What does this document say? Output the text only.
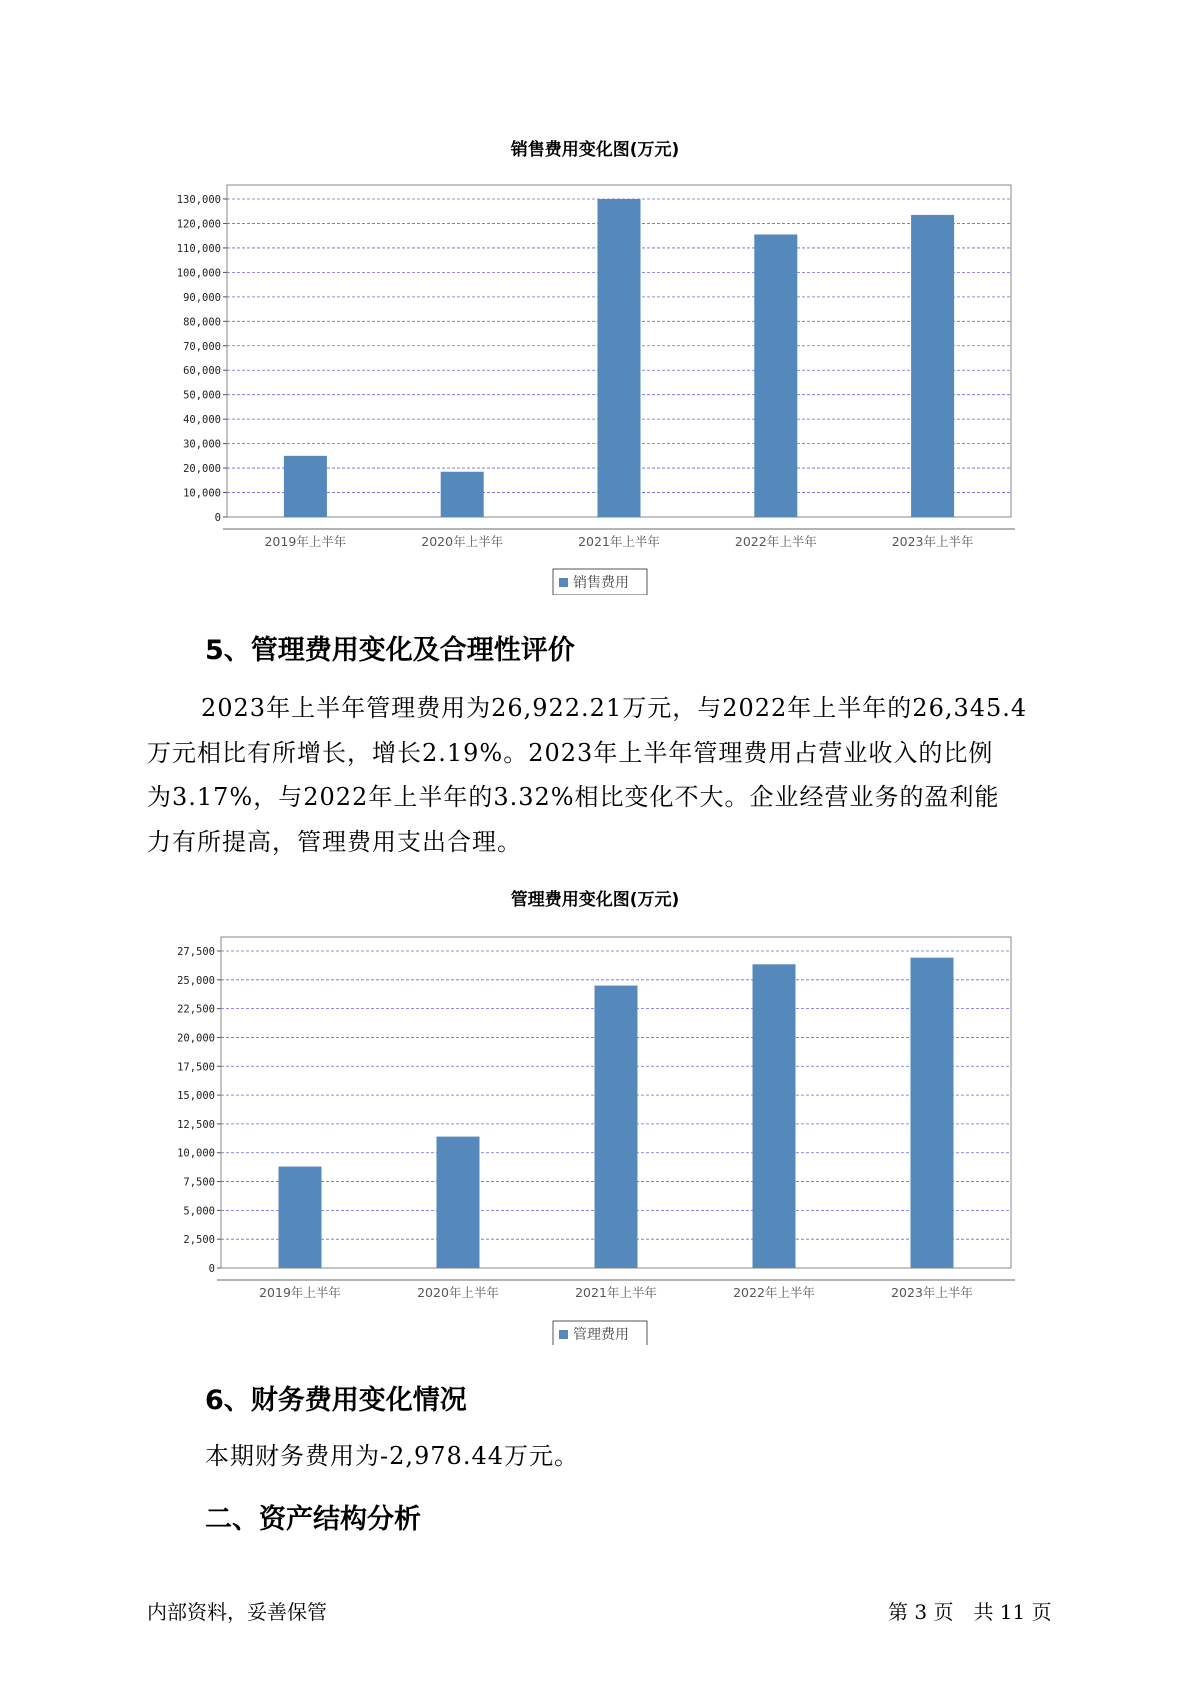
销售费用变化图(万元)
0
10,000
20,000
30,000
40,000
50,000
60,000
70,000
80,000
90,000
100,000
110,000
120,000
130,000
2019年上半年	2020年上半年	2021年上半年	2022年上半年	2023年上半年
销售费用
5、管理费用变化及合理性评价
2023年上半年管理费用为26,922.21万元，与2022年上半年的26,345.4
万元相比有所增长，增长2.19%。2023年上半年管理费用占营业收入的比例
为3.17%，与2022年上半年的3.32%相比变化不大。企业经营业务的盈利能
力有所提高，管理费用支出合理。
管理费用变化图(万元)
0
2,500
5,000
7,500
10,000
12,500
15,000
17,500
20,000
22,500
25,000
27,500
2019年上半年	2020年上半年	2021年上半年	2022年上半年	2023年上半年
管理费用
6、财务费用变化情况

本期财务费用为-2,978.44万元。

二、资产结构分析

内部资料，妥善保管	第 3 页　共 11 页
